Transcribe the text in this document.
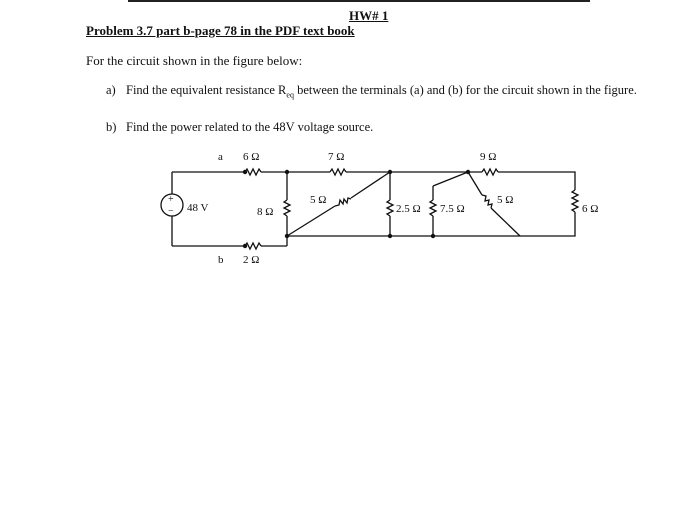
HW# 1
Problem 3.7 part b-page 78 in the PDF text book
For the circuit shown in the figure below:
a) Find the equivalent resistance $R_{eq}$ between the terminals (a) and (b) for the circuit shown in the figure.
b) Find the power related to the 48V voltage source.
+
− 48 V
a 6 Ω	7 Ω	9 Ω
5 Ω
8 Ω	2.5 Ω 7.5 Ω
5 Ω
6 Ω
b 2 Ω
